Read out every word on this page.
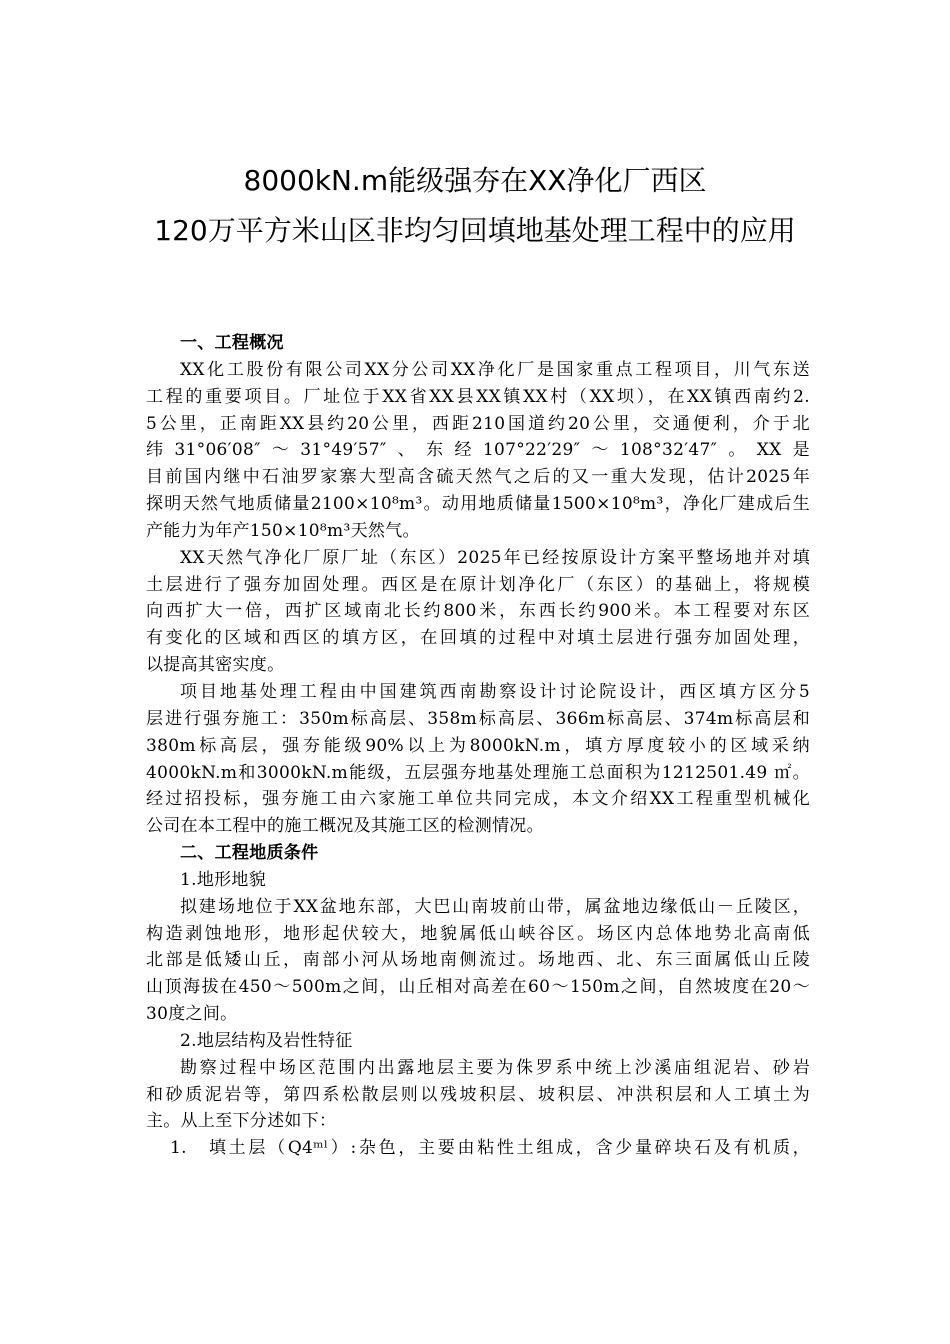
8000kN.m能级强夯在XX净化厂西区
120万平方米山区非均匀回填地基处理工程中的应用
一、工程概况
XX化工股份有限公司XX分公司XX净化厂是国家重点工程项目，川气东送
工程的重要项目。厂址位于XX省XX县XX镇XX村（XX坝），在XX镇西南约2.
5公里，正南距XX县约20公里，西距210国道约20公里，交通便利，介于北
纬31°06′08″～31°49′57″、东经107°22′29″～108°32′47″。XX是
目前国内继中石油罗家寨大型高含硫天然气之后的又一重大发现，估计2025年
探明天然气地质储量2100×10⁸m³。动用地质储量1500×10⁸m³，净化厂建成后生
产能力为年产150×10⁸m³天然气。
XX天然气净化厂原厂址（东区）2025年已经按原设计方案平整场地并对填
土层进行了强夯加固处理。西区是在原计划净化厂（东区）的基础上，将规模
向西扩大一倍，西扩区域南北长约800米，东西长约900米。本工程要对东区
有变化的区域和西区的填方区，在回填的过程中对填土层进行强夯加固处理，
以提高其密实度。
项目地基处理工程由中国建筑西南勘察设计讨论院设计，西区填方区分5
层进行强夯施工：350m标高层、358m标高层、366m标高层、374m标高层和
380m标高层，强夯能级90%以上为8000kN.m，填方厚度较小的区域采纳
4000kN.m和3000kN.m能级，五层强夯地基处理施工总面积为1212501.49 ㎡。
经过招投标，强夯施工由六家施工单位共同完成，本文介绍XX工程重型机械化
公司在本工程中的施工概况及其施工区的检测情况。
二、工程地质条件
1.地形地貌
拟建场地位于XX盆地东部，大巴山南坡前山带，属盆地边缘低山－丘陵区，
构造剥蚀地形，地形起伏较大，地貌属低山峡谷区。场区内总体地势北高南低
北部是低矮山丘，南部小河从场地南侧流过。场地西、北、东三面属低山丘陵
山顶海拔在450～500m之间，山丘相对高差在60～150m之间，自然坡度在20～
30度之间。
2.地层结构及岩性特征
勘察过程中场区范围内出露地层主要为侏罗系中统上沙溪庙组泥岩、砂岩
和砂质泥岩等，第四系松散层则以残坡积层、坡积层、冲洪积层和人工填土为
主。从上至下分述如下：
1.　填土层（Q4ᵐˡ）:杂色，主要由粘性土组成，含少量碎块石及有机质，
